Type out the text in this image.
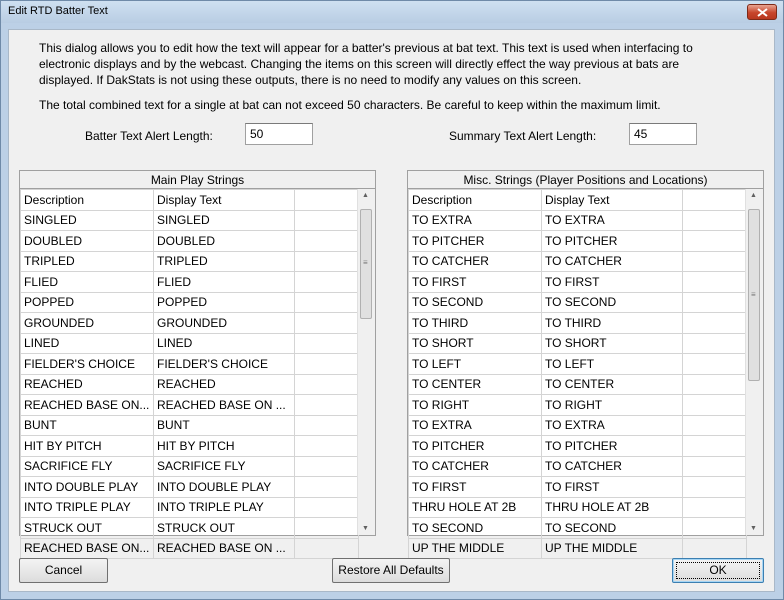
Edit RTD Batter Text
This dialog allows you to edit how the text will appear for a batter's previous at bat text. This text is used when interfacing to electronic displays and by the webcast. Changing the items on this screen will directly effect the way previous at bats are displayed. If DakStats is not using these outputs, there is no need to modify any values on this screen.
The total combined text for a single at bat can not exceed 50 characters. Be careful to keep within the maximum limit.
Batter Text Alert Length:	50	Summary Text Alert Length:	45
Main Play Strings
Description	Display Text	
SINGLED	SINGLED	
DOUBLED	DOUBLED	
TRIPLED	TRIPLED	
FLIED	FLIED	
POPPED	POPPED	
GROUNDED	GROUNDED	
LINED	LINED	
FIELDER'S CHOICE	FIELDER'S CHOICE	
REACHED	REACHED	
REACHED BASE ON...	REACHED BASE ON ...	
BUNT	BUNT	
HIT BY PITCH	HIT BY PITCH	
SACRIFICE FLY	SACRIFICE FLY	
INTO DOUBLE PLAY	INTO DOUBLE PLAY	
INTO TRIPLE PLAY	INTO TRIPLE PLAY	
STRUCK OUT	STRUCK OUT	
REACHED BASE ON...	REACHED BASE ON ...	
▲
≡
▼
Misc. Strings (Player Positions and Locations)
Description	Display Text	
TO EXTRA	TO EXTRA	
TO PITCHER	TO PITCHER	
TO CATCHER	TO CATCHER	
TO FIRST	TO FIRST	
TO SECOND	TO SECOND	
TO THIRD	TO THIRD	
TO SHORT	TO SHORT	
TO LEFT	TO LEFT	
TO CENTER	TO CENTER	
TO RIGHT	TO RIGHT	
TO EXTRA	TO EXTRA	
TO PITCHER	TO PITCHER	
TO CATCHER	TO CATCHER	
TO FIRST	TO FIRST	
THRU HOLE AT 2B	THRU HOLE AT 2B	
TO SECOND	TO SECOND	
UP THE MIDDLE	UP THE MIDDLE	
▲
≡
▼
Cancel	Restore All Defaults	OK
